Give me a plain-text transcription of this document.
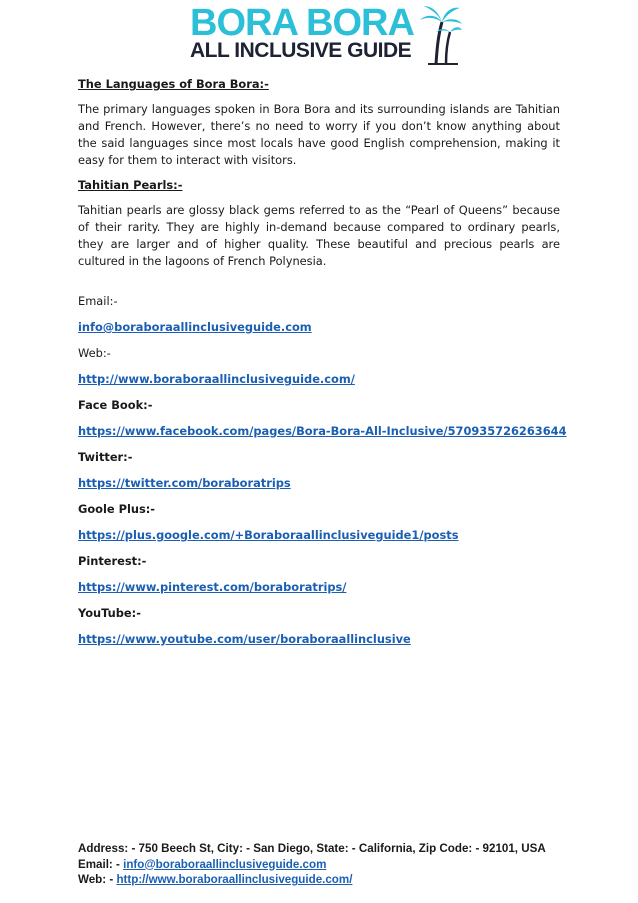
BORA BORA
ALL INCLUSIVE GUIDE

The Languages of Bora Bora:-

The primary languages spoken in Bora Bora and its surrounding islands are Tahitian and French. However, there’s no need to worry if you don’t know anything about the said languages since most locals have good English comprehension, making it easy for them to interact with visitors.

Tahitian Pearls:-

Tahitian pearls are glossy black gems referred to as the “Pearl of Queens” because of their rarity. They are highly in-demand because compared to ordinary pearls, they are larger and of higher quality. These beautiful and precious pearls are cultured in the lagoons of French Polynesia.

Email:-
info@boraboraallinclusiveguide.com
Web:-
http://www.boraboraallinclusiveguide.com/
Face Book:-
https://www.facebook.com/pages/Bora-Bora-All-Inclusive/570935726263644
Twitter:-
https://twitter.com/boraboratrips
Goole Plus:-
https://plus.google.com/+Boraboraallinclusiveguide1/posts
Pinterest:-
https://www.pinterest.com/boraboratrips/
YouTube:-
https://www.youtube.com/user/boraboraallinclusive
Address: - 750 Beech St, City: - San Diego, State: - California, Zip Code: - 92101, USA
Email: - info@boraboraallinclusiveguide.com
Web: - http://www.boraboraallinclusiveguide.com/
